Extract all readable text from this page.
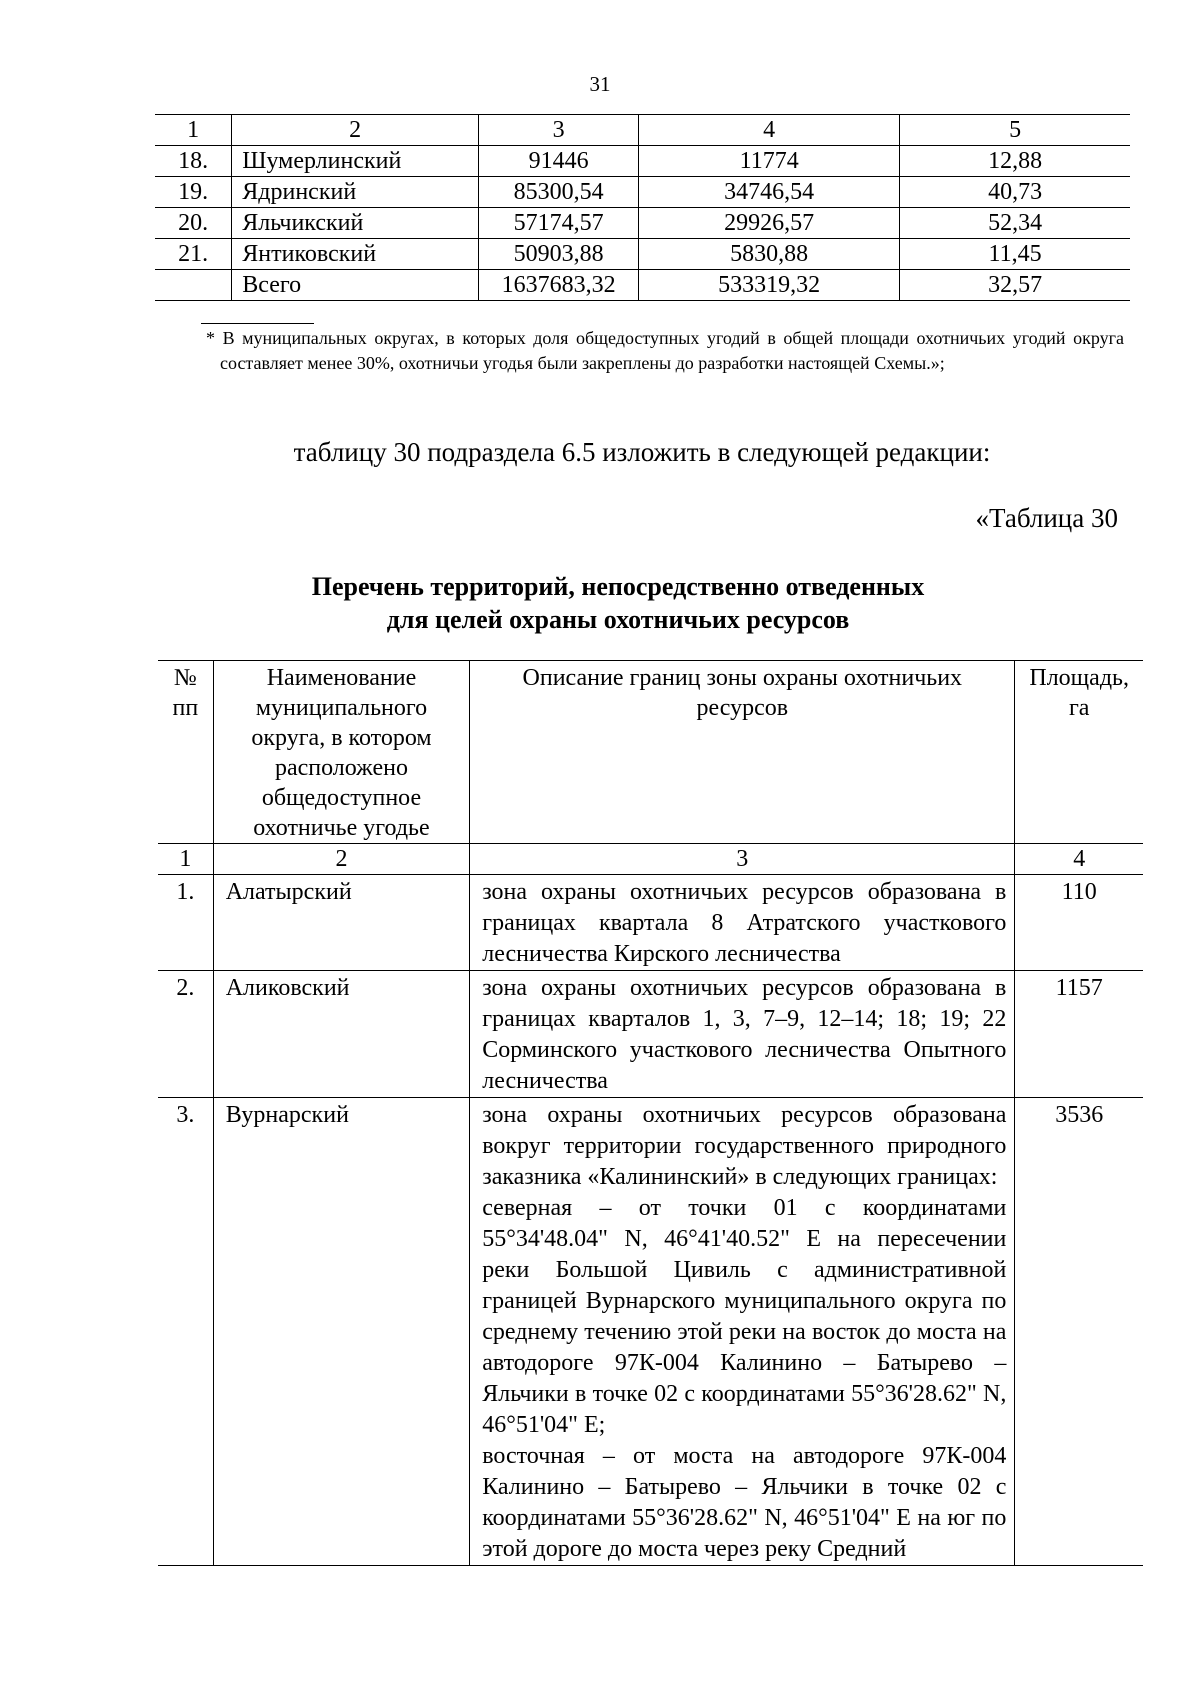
31
1	2	3	4	5
18.	Шумерлинский	91446	11774	12,88
19.	Ядринский	85300,54	34746,54	40,73
20.	Яльчикский	57174,57	29926,57	52,34
21.	Янтиковский	50903,88	5830,88	11,45
	Всего	1637683,32	533319,32	32,57
* В муниципальных округах, в которых доля общедоступных угодий в общей площади охотничьих угодий округа составляет менее 30%, охотничьи угодья были закреплены до разработки настоящей Схемы.»;
таблицу 30 подраздела 6.5 изложить в следующей редакции:
«Таблица 30
Перечень территорий, непосредственно отведенных
для целей охраны охотничьих ресурсов
№
пп	Наименование муниципального округа, в котором расположено общедоступное охотничье угодье	Описание границ зоны охраны охотничьих ресурсов	Площадь, га
1	2	3	4
1.	Алатырский	зона охраны охотничьих ресурсов образована в границах квартала 8 Атратского участкового лесничества Кирского лесничества	110
2.	Аликовский	зона охраны охотничьих ресурсов образована в границах кварталов 1, 3, 7–9, 12–14; 18; 19; 22 Сорминского участкового лесничества Опытного лесничества	1157
3.	Вурнарский	зона охраны охотничьих ресурсов образована вокруг территории государственного природного заказника «Калининский» в следующих границах:
северная – от точки 01 с координатами 55°34'48.04" N, 46°41'40.52" E на пересечении реки Большой Цивиль с административной границей Вурнарского муниципального округа по среднему течению этой реки на восток до моста на автодороге 97К-004 Калинино – Батырево – Яльчики в точке 02 с координатами 55°36'28.62" N, 46°51'04" E;
восточная – от моста на автодороге 97К-004 Калинино – Батырево – Яльчики в точке 02 с координатами 55°36'28.62" N, 46°51'04" E на юг по этой дороге до моста через реку Средний	3536
